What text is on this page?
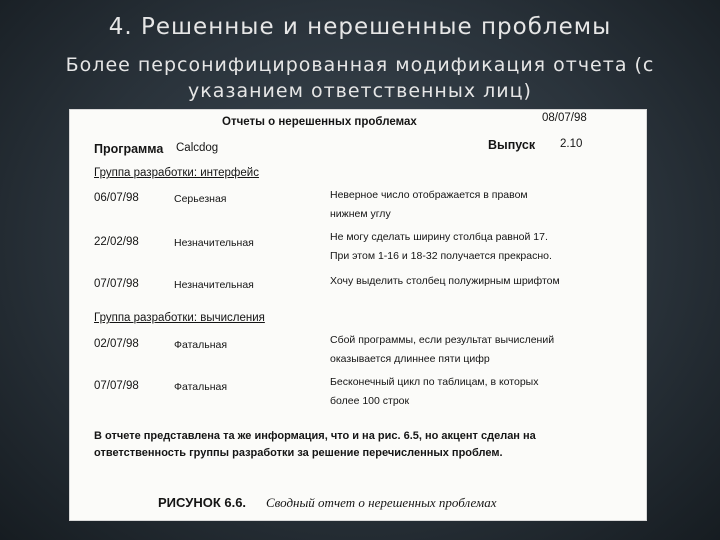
4. Решенные и нерешенные проблемы
Более персонифицированная модификация отчета (с
указанием ответственных лиц)
Отчеты о нерешенных проблемах	08/07/98
Программа Calcdog	Выпуск 2.10
Группа разработки: интерфейс
06/07/98	Серьезная	Неверное число отображается в правом
нижнем углу
22/02/98	Незначительная	Не могу сделать ширину столбца равной 17.
При этом 1-16 и 18-32 получается прекрасно.
07/07/98	Незначительная	Хочу выделить столбец полужирным шрифтом
Группа разработки: вычисления
02/07/98	Фатальная	Сбой программы, если результат вычислений
оказывается длиннее пяти цифр
07/07/98	Фатальная	Бесконечный цикл по таблицам, в которых
более 100 строк
В отчете представлена та же информация, что и на рис. 6.5, но акцент сделан на ответственность группы разработки за решение перечисленных проблем.
РИСУНОК 6.6. Сводный отчет о нерешенных проблемах
